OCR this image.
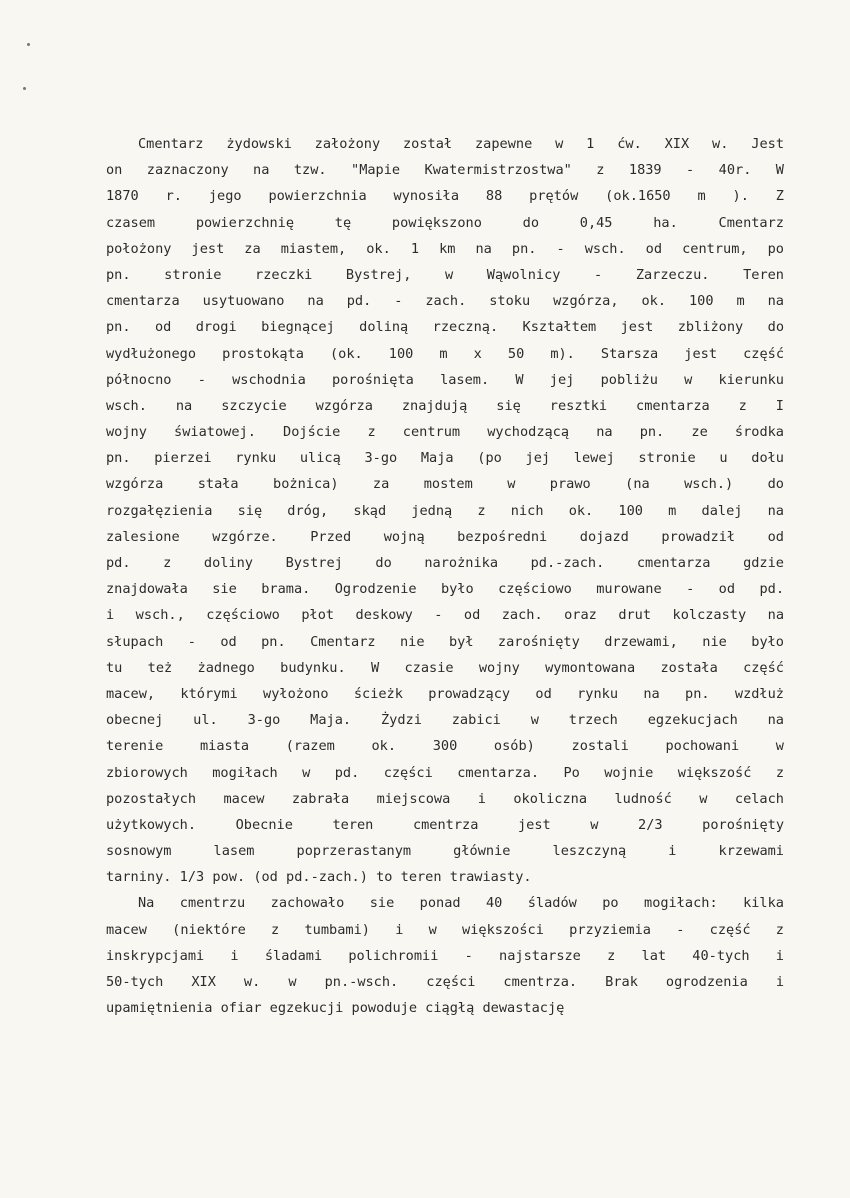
Cmentarz żydowski założony został zapewne w 1 ćw. XIX w. Jest
on zaznaczony na tzw. "Mapie Kwatermistrzostwa" z 1839 - 40r. W
1870 r. jego powierzchnia wynosiła 88 prętów (ok.1650 m ). Z
czasem powierzchnię tę powiększono do 0,45 ha. Cmentarz
położony jest za miastem, ok. 1 km na pn. - wsch. od centrum, po
pn. stronie rzeczki Bystrej, w Wąwolnicy - Zarzeczu. Teren
cmentarza usytuowano na pd. - zach. stoku wzgórza, ok. 100 m na
pn. od drogi biegnącej doliną rzeczną. Kształtem jest zbliżony do
wydłużonego prostokąta (ok. 100 m x 50 m). Starsza jest część
północno - wschodnia porośnięta lasem. W jej pobliżu w kierunku
wsch. na szczycie wzgórza znajdują się resztki cmentarza z I
wojny światowej. Dojście z centrum wychodzącą na pn. ze środka
pn. pierzei rynku ulicą 3-go Maja (po jej lewej stronie u dołu
wzgórza stała bożnica) za mostem w prawo (na wsch.) do
rozgałęzienia się dróg, skąd jedną z nich ok. 100 m dalej na
zalesione wzgórze. Przed wojną bezpośredni dojazd prowadził od
pd. z doliny Bystrej do narożnika pd.-zach. cmentarza gdzie
znajdowała sie brama. Ogrodzenie było częściowo murowane - od pd.
i wsch., częściowo płot deskowy - od zach. oraz drut kolczasty na
słupach - od pn. Cmentarz nie był zarośnięty drzewami, nie było
tu też żadnego budynku. W czasie wojny wymontowana została część
macew, którymi wyłożono ścieżk prowadzący od rynku na pn. wzdłuż
obecnej ul. 3-go Maja. Żydzi zabici w trzech egzekucjach na
terenie miasta (razem ok. 300 osób) zostali pochowani w
zbiorowych mogiłach w pd. części cmentarza. Po wojnie większość z
pozostałych macew zabrała miejscowa i okoliczna ludność w celach
użytkowych. Obecnie teren cmentrza jest w 2/3 porośnięty
sosnowym lasem poprzerastanym głównie leszczyną i krzewami
tarniny. 1/3 pow. (od pd.-zach.) to teren trawiasty.
Na cmentrzu zachowało sie ponad 40 śladów po mogiłach: kilka
macew (niektóre z tumbami) i w większości przyziemia - część z
inskrypcjami i śladami polichromii - najstarsze z lat 40-tych i
50-tych XIX w. w pn.-wsch. części cmentrza. Brak ogrodzenia i
upamiętnienia ofiar egzekucji powoduje ciągłą dewastację
